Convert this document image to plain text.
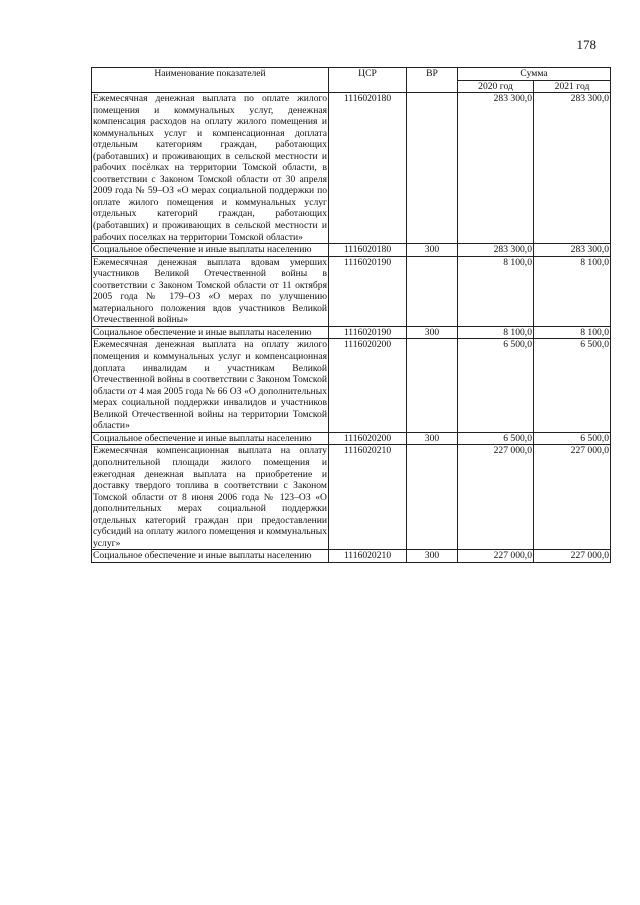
178
Наименование показателей	ЦСР	ВР	Сумма	
			2020 год	2021 год
Ежемесячная денежная выплата по оплате жилого помещения и коммунальных услуг, денежная компенсация расходов на оплату жилого помещения и коммунальных услуг и компенсационная доплата отдельным категориям граждан, работающих (работавших) и проживающих в сельской местности и рабочих посёлках на территории Томской области, в соответствии с Законом Томской области от 30 апреля 2009 года № 59–ОЗ «О мерах социальной поддержки по оплате жилого помещения и коммунальных услуг отдельных категорий граждан, работающих (работавших) и проживающих в сельской местности и рабочих поселках на территории Томской области»	1116020180		283 300,0	283 300,0
Социальное обеспечение и иные выплаты населению	1116020180	300	283 300,0	283 300,0
Ежемесячная денежная выплата вдовам умерших участников Великой Отечественной войны в соответствии с Законом Томской области от 11 октября 2005 года № 179–ОЗ «О мерах по улучшению материального положения вдов участников Великой Отечественной войны»	1116020190		8 100,0	8 100,0
Социальное обеспечение и иные выплаты населению	1116020190	300	8 100,0	8 100,0
Ежемесячная денежная выплата на оплату жилого помещения и коммунальных услуг и компенсационная доплата инвалидам и участникам Великой Отечественной войны в соответствии с Законом Томской области от 4 мая 2005 года № 66 ОЗ «О дополнительных мерах социальной поддержки инвалидов и участников Великой Отечественной войны на территории Томской области»	1116020200		6 500,0	6 500,0
Социальное обеспечение и иные выплаты населению	1116020200	300	6 500,0	6 500,0
Ежемесячная компенсационная выплата на оплату дополнительной площади жилого помещения и ежегодная денежная выплата на приобретение и доставку твердого топлива в соответствии с Законом Томской области от 8 июня 2006 года № 123–ОЗ «О дополнительных мерах социальной поддержки отдельных категорий граждан при предоставлении субсидий на оплату жилого помещения и коммунальных услуг»	1116020210		227 000,0	227 000,0
Социальное обеспечение и иные выплаты населению	1116020210	300	227 000,0	227 000,0
